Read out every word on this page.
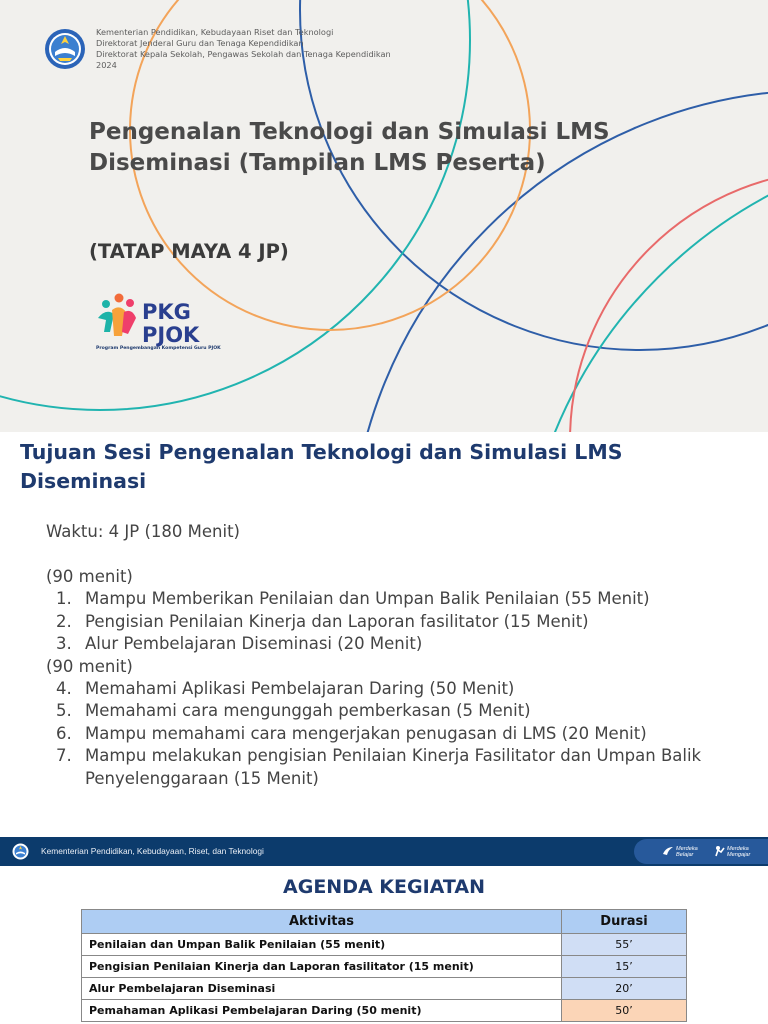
Kementerian Pendidikan, Kebudayaan Riset dan Teknologi
Direktorat Jenderal Guru dan Tenaga Kependidikan
Direktorat Kepala Sekolah, Pengawas Sekolah dan Tenaga Kependidikan
2024
Pengenalan Teknologi dan Simulasi LMS Diseminasi (Tampilan LMS Peserta)
(TATAP MAYA 4 JP)
PKG
PJOK
Program Pengembangan Kompetensi Guru PJOK
Tujuan Sesi Pengenalan Teknologi dan Simulasi LMS Diseminasi
Waktu: 4 JP (180 Menit)
(90 menit)
1. Mampu Memberikan Penilaian dan Umpan Balik Penilaian (55 Menit)
2. Pengisian Penilaian Kinerja dan Laporan fasilitator (15 Menit)
3. Alur Pembelajaran Diseminasi (20 Menit)
(90 menit)
4. Memahami Aplikasi Pembelajaran Daring (50 Menit)
5. Memahami cara mengunggah pemberkasan (5 Menit)
6. Mampu memahami cara mengerjakan penugasan di LMS (20 Menit)
7. Mampu melakukan pengisian Penilaian Kinerja Fasilitator dan Umpan Balik Penyelenggaraan (15 Menit)
Kementerian Pendidikan, Kebudayaan, Riset, dan Teknologi	Merdeka
Belajar
Merdeka
Mengajar
AGENDA KEGIATAN
Aktivitas	Durasi
Penilaian dan Umpan Balik Penilaian (55 menit)	55’
Pengisian Penilaian Kinerja dan Laporan fasilitator (15 menit)	15’
Alur Pembelajaran Diseminasi	20’
Pemahaman Aplikasi Pembelajaran Daring (50 menit)	50’
